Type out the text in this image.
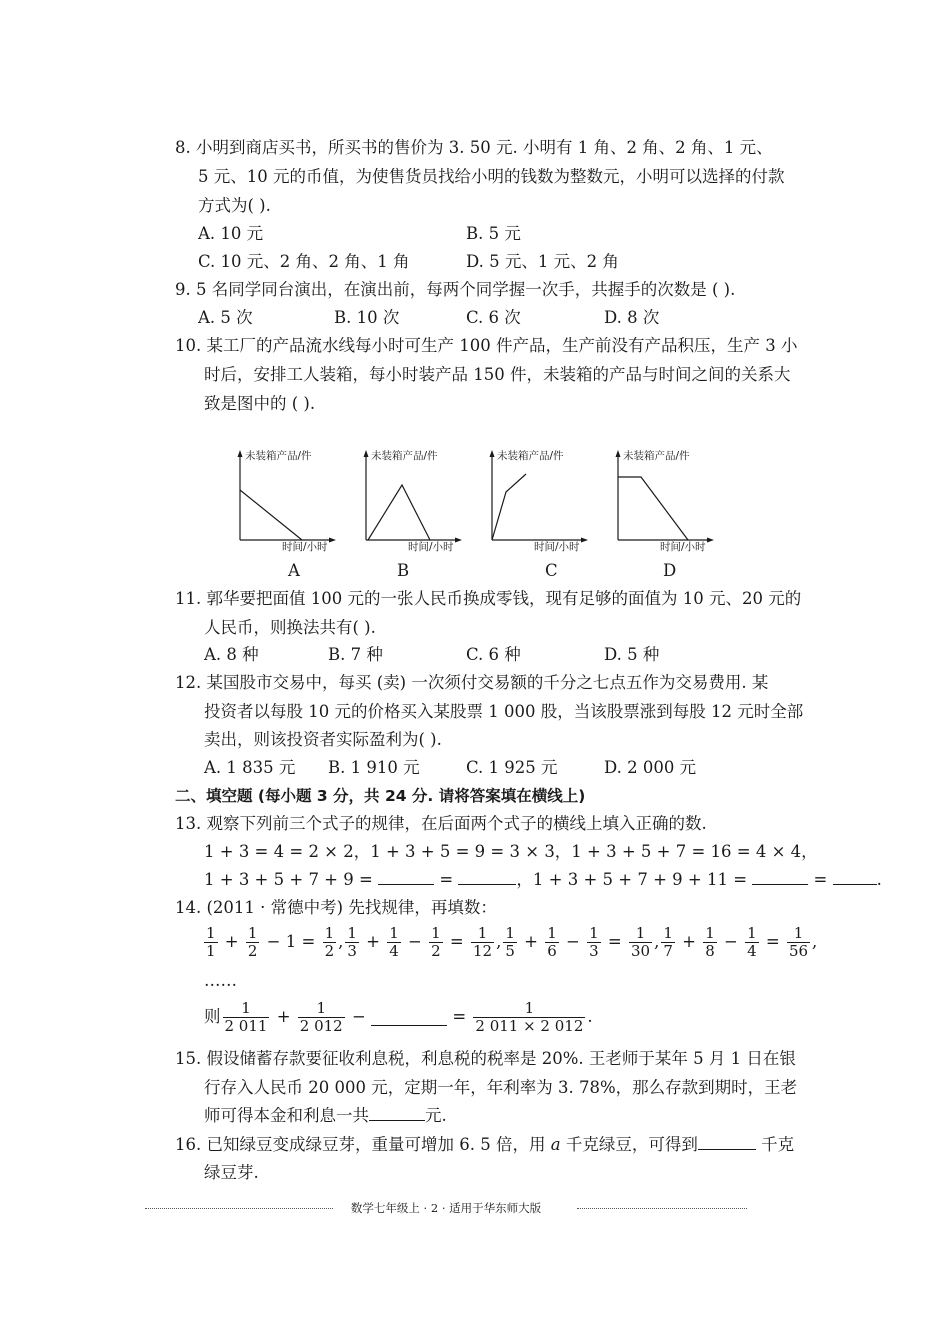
8. 小明到商店买书，所买书的售价为 3. 50 元. 小明有 1 角、2 角、2 角、1 元、
5 元、10 元的币值，为使售货员找给小明的钱数为整数元，小明可以选择的付款
方式为( ).
A. 10 元	B. 5 元
C. 10 元、2 角、2 角、1 角	D. 5 元、1 元、2 角
9. 5 名同学同台演出，在演出前，每两个同学握一次手，共握手的次数是 ( ).
A. 5 次	B. 10 次	C. 6 次	D. 8 次
10. 某工厂的产品流水线每小时可生产 100 件产品，生产前没有产品积压，生产 3 小
时后，安排工人装箱，每小时装产品 150 件，未装箱的产品与时间之间的关系大
致是图中的 ( ).
未装箱产品/件
时间/小时
未装箱产品/件
时间/小时
未装箱产品/件
时间/小时
未装箱产品/件
时间/小时
A	B	C	D
11. 郭华要把面值 100 元的一张人民币换成零钱，现有足够的面值为 10 元、20 元的
人民币，则换法共有( ).
A. 8 种	B. 7 种	C. 6 种	D. 5 种
12. 某国股市交易中，每买 (卖) 一次须付交易额的千分之七点五作为交易费用. 某
投资者以每股 10 元的价格买入某股票 1 000 股，当该股票涨到每股 12 元时全部
卖出，则该投资者实际盈利为( ).
A. 1 835 元 B. 1 910 元	C. 1 925 元	D. 2 000 元
二、填空题 (每小题 3 分，共 24 分. 请将答案填在横线上)
13. 观察下列前三个式子的规律，在后面两个式子的横线上填入正确的数.
1 + 3 = 4 = 2 × 2，1 + 3 + 5 = 9 = 3 × 3，1 + 3 + 5 + 7 = 16 = 4 × 4，
1 + 3 + 5 + 7 + 9 =	=	，1 + 3 + 5 + 7 + 9 + 11 =	=	.
14. (2011 · 常德中考) 先找规律，再填数：
$\frac{1}{1} + \frac{1}{2} - 1 = \frac{1}{2}$ , $\frac{1}{3} + \frac{1}{4} - \frac{1}{2} = \frac{1}{12}$ , $\frac{1}{5} + \frac{1}{6} - \frac{1}{3} = \frac{1}{30}$ , $\frac{1}{7} + \frac{1}{8} - \frac{1}{4} = \frac{1}{56}$ ,
……
则 $\frac{1}{2 011} + \frac{1}{2 012}$ −	= $\frac{1}{2 011 \times 2 012}$ .
15. 假设储蓄存款要征收利息税，利息税的税率是 20%. 王老师于某年 5 月 1 日在银
行存入人民币 20 000 元，定期一年，年利率为 3. 78%，那么存款到期时，王老
师可得本金和利息一共	元.
16. 已知绿豆变成绿豆芽，重量可增加 6. 5 倍，用 a 千克绿豆，可得到	千克
绿豆芽.
数学七年级上 · 2 · 适用于华东师大版
